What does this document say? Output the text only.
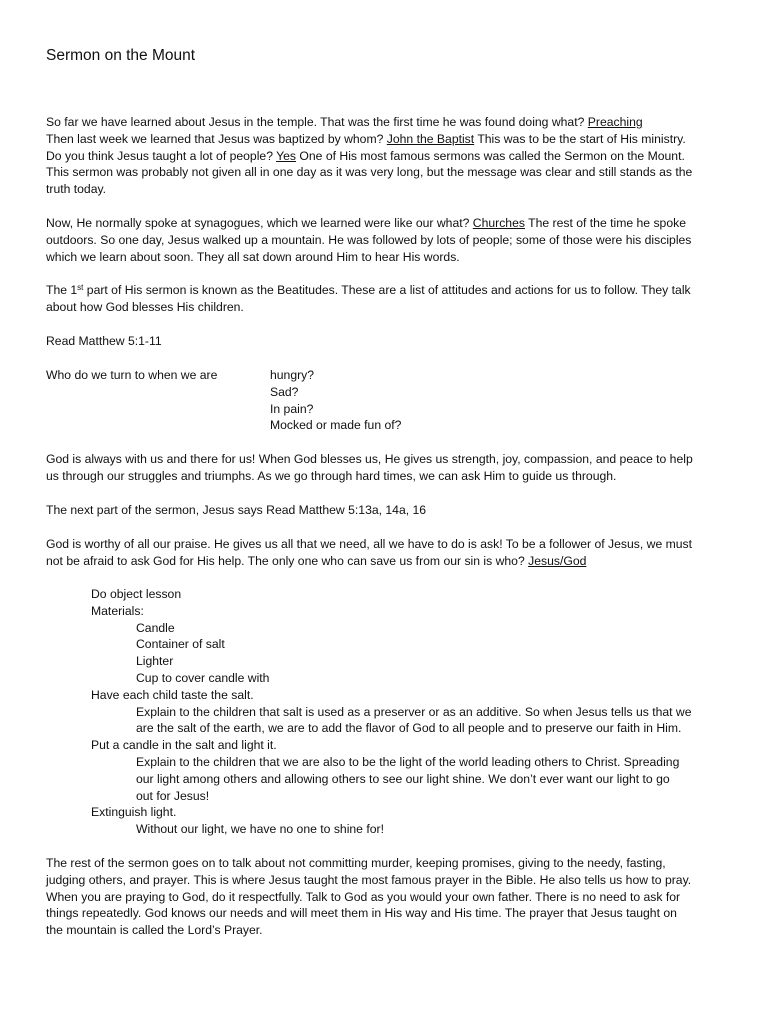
Sermon on the Mount
So far we have learned about Jesus in the temple. That was the first time he was found doing what? Preaching
Then last week we learned that Jesus was baptized by whom? John the Baptist This was to be the start of His ministry.
Do you think Jesus taught a lot of people? Yes One of His most famous sermons was called the Sermon on the Mount.
This sermon was probably not given all in one day as it was very long, but the message was clear and still stands as the
truth today.
Now, He normally spoke at synagogues, which we learned were like our what? Churches The rest of the time he spoke
outdoors. So one day, Jesus walked up a mountain. He was followed by lots of people; some of those were his disciples
which we learn about soon. They all sat down around Him to hear His words.
The 1st part of His sermon is known as the Beatitudes. These are a list of attitudes and actions for us to follow. They talk
about how God blesses His children.
Read Matthew 5:1-11
Who do we turn to when we are	hungry?
Sad?
In pain?
Mocked or made fun of?
God is always with us and there for us! When God blesses us, He gives us strength, joy, compassion, and peace to help
us through our struggles and triumphs. As we go through hard times, we can ask Him to guide us through.
The next part of the sermon, Jesus says Read Matthew 5:13a, 14a, 16
God is worthy of all our praise. He gives us all that we need, all we have to do is ask! To be a follower of Jesus, we must
not be afraid to ask God for His help. The only one who can save us from our sin is who? Jesus/God
Do object lesson
Materials:
Candle
Container of salt
Lighter
Cup to cover candle with
Have each child taste the salt.
Explain to the children that salt is used as a preserver or as an additive. So when Jesus tells us that we
are the salt of the earth, we are to add the flavor of God to all people and to preserve our faith in Him.
Put a candle in the salt and light it.
Explain to the children that we are also to be the light of the world leading others to Christ. Spreading
our light among others and allowing others to see our light shine. We don’t ever want our light to go
out for Jesus!
Extinguish light.
Without our light, we have no one to shine for!
The rest of the sermon goes on to talk about not committing murder, keeping promises, giving to the needy, fasting,
judging others, and prayer. This is where Jesus taught the most famous prayer in the Bible. He also tells us how to pray.
When you are praying to God, do it respectfully. Talk to God as you would your own father. There is no need to ask for
things repeatedly. God knows our needs and will meet them in His way and His time. The prayer that Jesus taught on
the mountain is called the Lord’s Prayer.
